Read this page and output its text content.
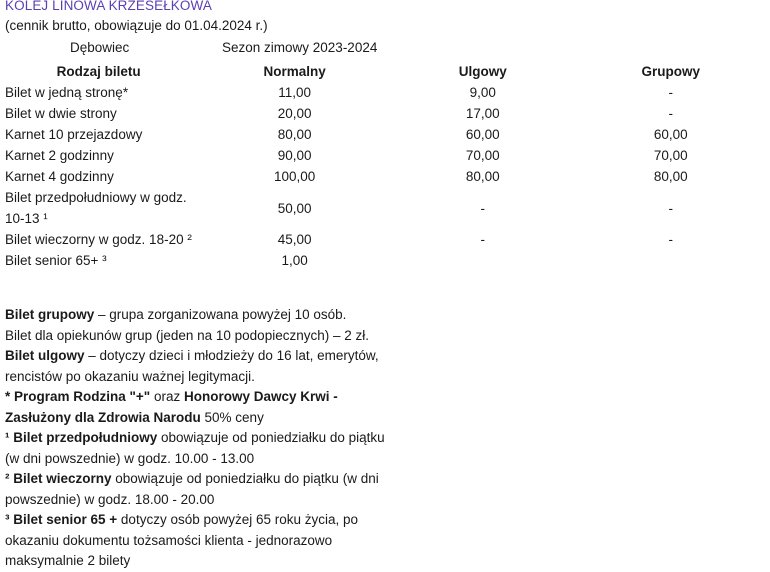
KOLEJ LINOWA KRZESEŁKOWA
(cennik brutto, obowiązuje do 01.04.2024 r.)
Dębowiec	Sezon zimowy 2023-2024
Rodzaj biletu	Normalny	Ulgowy	Grupowy
Bilet w jedną stronę*	11,00	9,00	-
Bilet w dwie strony	20,00	17,00	-
Karnet 10 przejazdowy	80,00	60,00	60,00
Karnet 2 godzinny	90,00	70,00	70,00
Karnet 4 godzinny	100,00	80,00	80,00
Bilet przedpołudniowy w godz. 10-13 ¹	50,00	-	-
Bilet wieczorny w godz. 18-20 ²	45,00	-	-
Bilet senior 65+ ³	1,00		

Bilet grupowy – grupa zorganizowana powyżej 10 osób.

Bilet dla opiekunów grup (jeden na 10 podopiecznych) – 2 zł.

Bilet ulgowy – dotyczy dzieci i młodzieży do 16 lat, emerytów, rencistów po okazaniu ważnej legitymacji.

* Program Rodzina "+" oraz Honorowy Dawcy Krwi - Zasłużony dla Zdrowia Narodu 50% ceny

¹ Bilet przedpołudniowy obowiązuje od poniedziałku do piątku (w dni powszednie) w godz. 10.00 - 13.00

² Bilet wieczorny obowiązuje od poniedziałku do piątku (w dni powszednie) w godz. 18.00 - 20.00

³ Bilet senior 65 + dotyczy osób powyżej 65 roku życia, po okazaniu dokumentu tożsamości klienta - jednorazowo maksymalnie 2 bilety
